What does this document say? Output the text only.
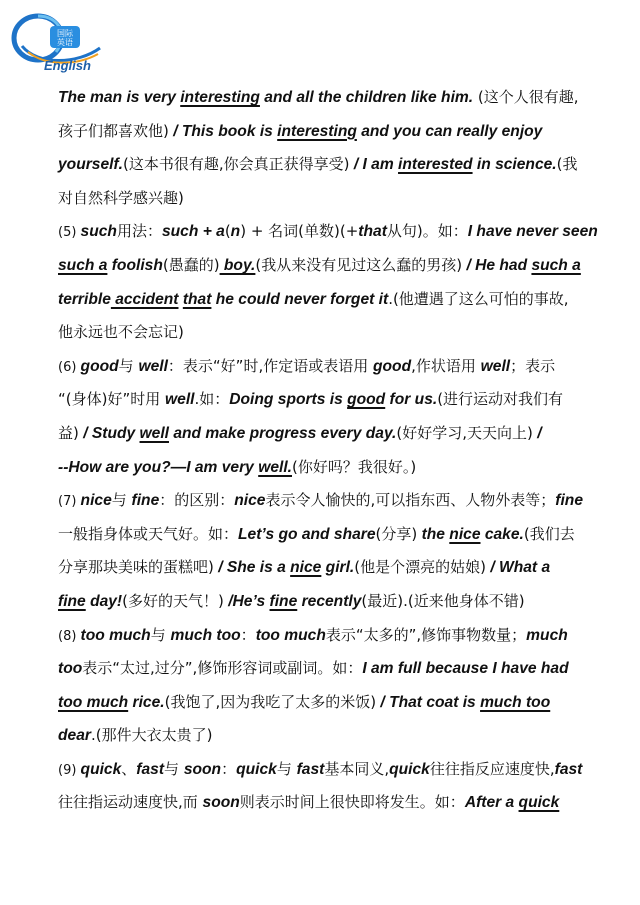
国际
英语
English
The man is very interesting and all the children like him. (这个人很有趣,
孩子们都喜欢他) / This book is interesting and you can really enjoy
yourself.(这本书很有趣,你会真正获得享受) / I am interested in science.(我
对自然科学感兴趣)
(5) such用法：such + a(n) + 名词(单数)(+that从句)。如：I have never seen
such a foolish(愚蠢的) boy.(我从来没有见过这么蠢的男孩) / He had such a
terrible accident that he could never forget it.(他遭遇了这么可怕的事故,
他永远也不会忘记)
(6) good与 well：表示“好”时,作定语或表语用 good,作状语用 well；表示
“(身体)好”时用 well.如：Doing sports is good for us.(进行运动对我们有
益) / Study well and make progress every day.(好好学习,天天向上) /
--How are you?—I am very well.(你好吗？我很好。)
(7) nice与 fine：的区别：nice表示令人愉快的,可以指东西、人物外表等；fine
一般指身体或天气好。如：Let’s go and share(分享) the nice cake.(我们去
分享那块美味的蛋糕吧) / She is a nice girl.(他是个漂亮的姑娘) / What a
fine day!(多好的天气！) /He’s fine recently(最近).(近来他身体不错)
(8) too much与 much too：too much表示“太多的”,修饰事物数量；much
too表示“太过,过分”,修饰形容词或副词。如：I am full because I have had
too much rice.(我饱了,因为我吃了太多的米饭) / That coat is much too
dear.(那件大衣太贵了)
(9) quick、fast与 soon：quick与 fast基本同义,quick往往指反应速度快,fast
往往指运动速度快,而 soon则表示时间上很快即将发生。如：After a quick
